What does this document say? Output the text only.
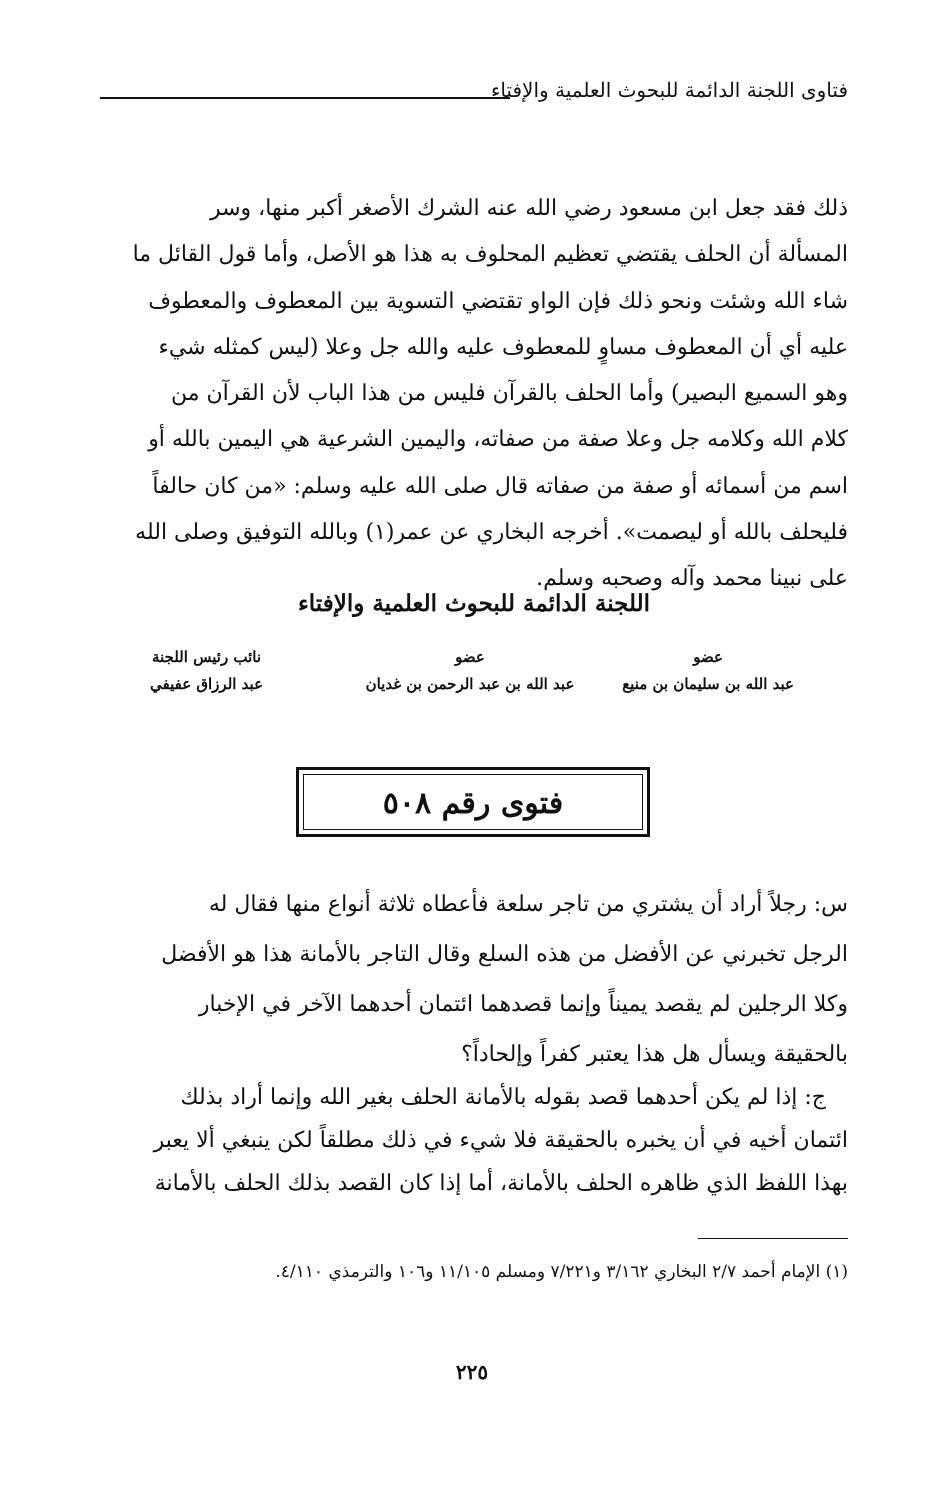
فتاوى اللجنة الدائمة للبحوث العلمية والإفتاء
ذلك فقد جعل ابن مسعود رضي الله عنه الشرك الأصغر أكبر منها، وسر
المسألة أن الحلف يقتضي تعظيم المحلوف به هذا هو الأصل، وأما قول القائل ما
شاء الله وشئت ونحو ذلك فإن الواو تقتضي التسوية بين المعطوف والمعطوف
عليه أي أن المعطوف مساوٍ للمعطوف عليه والله جل وعلا (ليس كمثله شيء
وهو السميع البصير) وأما الحلف بالقرآن فليس من هذا الباب لأن القرآن من
كلام الله وكلامه جل وعلا صفة من صفاته، واليمين الشرعية هي اليمين بالله أو
اسم من أسمائه أو صفة من صفاته قال صلى الله عليه وسلم: «من كان حالفاً
فليحلف بالله أو ليصمت». أخرجه البخاري عن عمر(١) وبالله التوفيق وصلى الله
على نبينا محمد وآله وصحبه وسلم.
اللجنة الدائمة للبحوث العلمية والإفتاء
عضو
عبد الله بن سليمان بن منيع
عضو
عبد الله بن عبد الرحمن بن غديان
نائب رئيس اللجنة
عبد الرزاق عفيفي
فتوى رقم ٥٠٨
س: رجلاً أراد أن يشتري من تاجر سلعة فأعطاه ثلاثة أنواع منها فقال له
الرجل تخبرني عن الأفضل من هذه السلع وقال التاجر بالأمانة هذا هو الأفضل
وكلا الرجلين لم يقصد يميناً وإنما قصدهما ائتمان أحدهما الآخر في الإخبار
بالحقيقة ويسأل هل هذا يعتبر كفراً وإلحاداً؟
ج: إذا لم يكن أحدهما قصد بقوله بالأمانة الحلف بغير الله وإنما أراد بذلك
ائتمان أخيه في أن يخبره بالحقيقة فلا شيء في ذلك مطلقاً لكن ينبغي ألا يعبر
بهذا اللفظ الذي ظاهره الحلف بالأمانة، أما إذا كان القصد بذلك الحلف بالأمانة
(١) الإمام أحمد ٢/٧ البخاري ٣/١٦٢ و٧/٢٢١ ومسلم ١١/١٠٥ و١٠٦ والترمذي ٤/١١٠.
٢٢٥
